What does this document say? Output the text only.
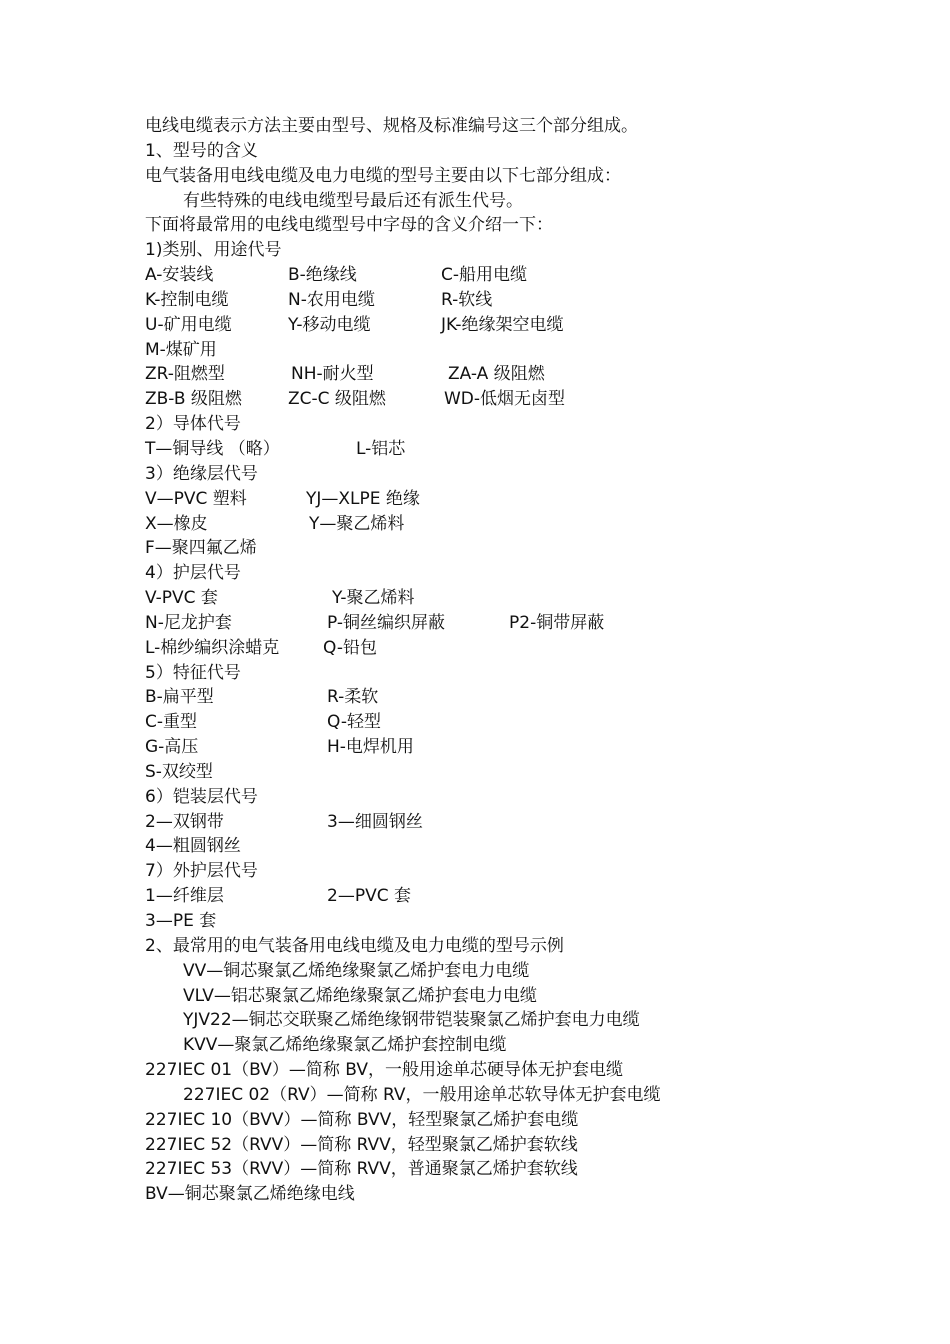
电线电缆表示方法主要由型号、规格及标准编号这三个部分组成。
1、型号的含义
电气装备用电线电缆及电力电缆的型号主要由以下七部分组成：
有些特殊的电线电缆型号最后还有派生代号。
下面将最常用的电线电缆型号中字母的含义介绍一下：
1)类别、用途代号
A-安装线	B-绝缘线	C-船用电缆
K-控制电缆	N-农用电缆	R-软线
U-矿用电缆	Y-移动电缆	JK-绝缘架空电缆
M-煤矿用
ZR-阻燃型	NH-耐火型	ZA-A 级阻燃
ZB-B 级阻燃	ZC-C 级阻燃	WD-低烟无卤型
2）导体代号
T—铜导线 （略）	L-铝芯
3）绝缘层代号
V—PVC 塑料	YJ—XLPE 绝缘
X—橡皮	Y—聚乙烯料
F—聚四氟乙烯
4）护层代号
V-PVC 套	Y-聚乙烯料
N-尼龙护套	P-铜丝编织屏蔽	P2-铜带屏蔽
L-棉纱编织涂蜡克	Q-铅包
5）特征代号
B-扁平型	R-柔软
C-重型	Q-轻型
G-高压	H-电焊机用
S-双绞型
6）铠装层代号
2—双钢带	3—细圆钢丝
4—粗圆钢丝
7）外护层代号
1—纤维层	2—PVC 套
3—PE 套
2、最常用的电气装备用电线电缆及电力电缆的型号示例
VV—铜芯聚氯乙烯绝缘聚氯乙烯护套电力电缆
VLV—铝芯聚氯乙烯绝缘聚氯乙烯护套电力电缆
YJV22—铜芯交联聚乙烯绝缘钢带铠装聚氯乙烯护套电力电缆
KVV—聚氯乙烯绝缘聚氯乙烯护套控制电缆
227IEC 01（BV）—简称 BV，一般用途单芯硬导体无护套电缆
227IEC 02（RV）—简称 RV，一般用途单芯软导体无护套电缆
227IEC 10（BVV）—简称 BVV，轻型聚氯乙烯护套电缆
227IEC 52（RVV）—简称 RVV，轻型聚氯乙烯护套软线
227IEC 53（RVV）—简称 RVV，普通聚氯乙烯护套软线
BV—铜芯聚氯乙烯绝缘电线
